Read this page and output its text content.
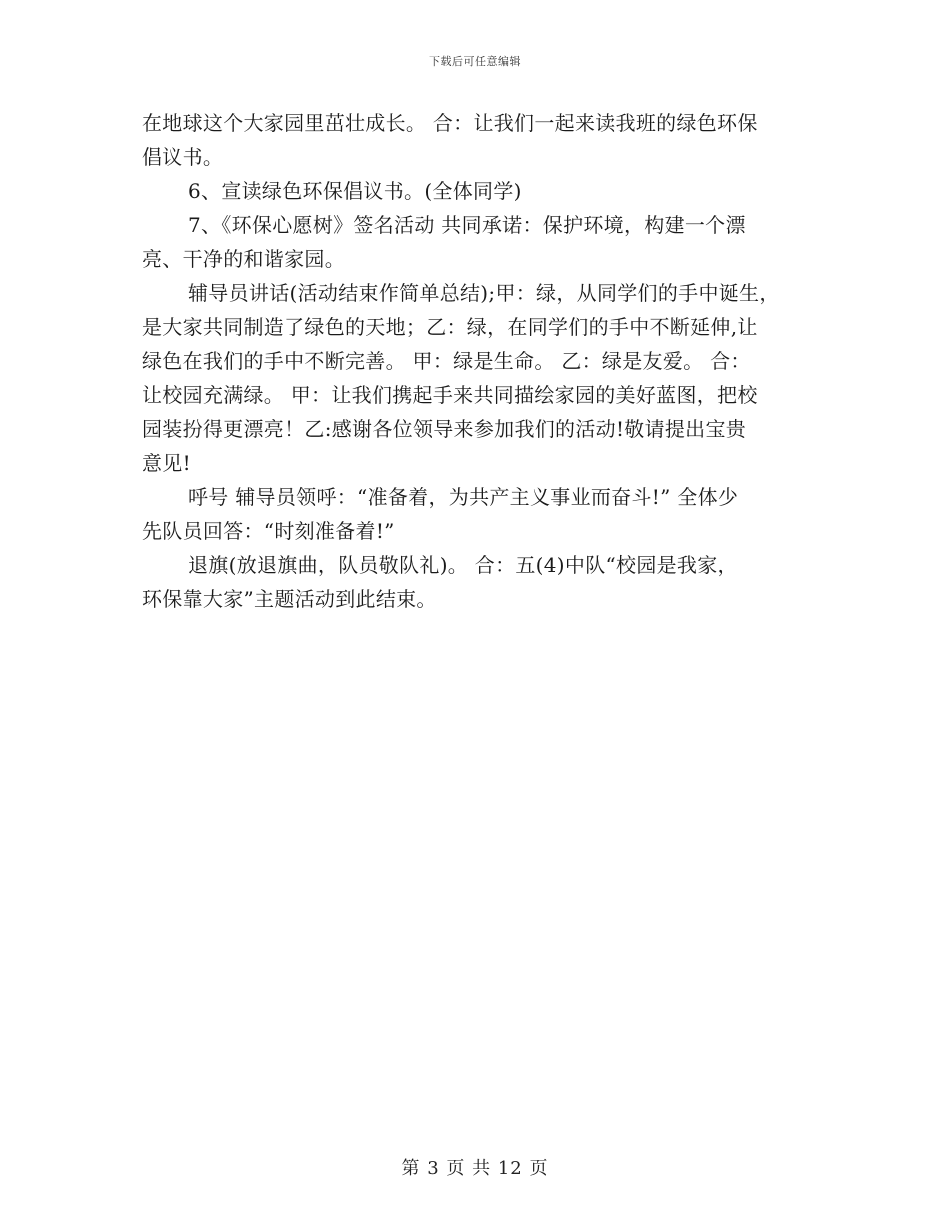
下载后可任意编辑
在地球这个大家园里茁壮成长。 合：让我们一起来读我班的绿色环保
倡议书。
6、宣读绿色环保倡议书。(全体同学)
7、《环保心愿树》签名活动 共同承诺：保护环境，构建一个漂
亮、干净的和谐家园。
辅导员讲话(活动结束作简单总结);甲：绿，从同学们的手中诞生，
是大家共同制造了绿色的天地；乙：绿，在同学们的手中不断延伸,让
绿色在我们的手中不断完善。 甲：绿是生命。 乙：绿是友爱。 合：
让校园充满绿。 甲：让我们携起手来共同描绘家园的美好蓝图，把校
园装扮得更漂亮！乙:感谢各位领导来参加我们的活动!敬请提出宝贵
意见!
呼号 辅导员领呼：“准备着，为共产主义事业而奋斗!” 全体少
先队员回答：“时刻准备着!”
退旗(放退旗曲，队员敬队礼)。 合：五(4)中队“校园是我家，
环保靠大家”主题活动到此结束。
第 3 页 共 12 页
